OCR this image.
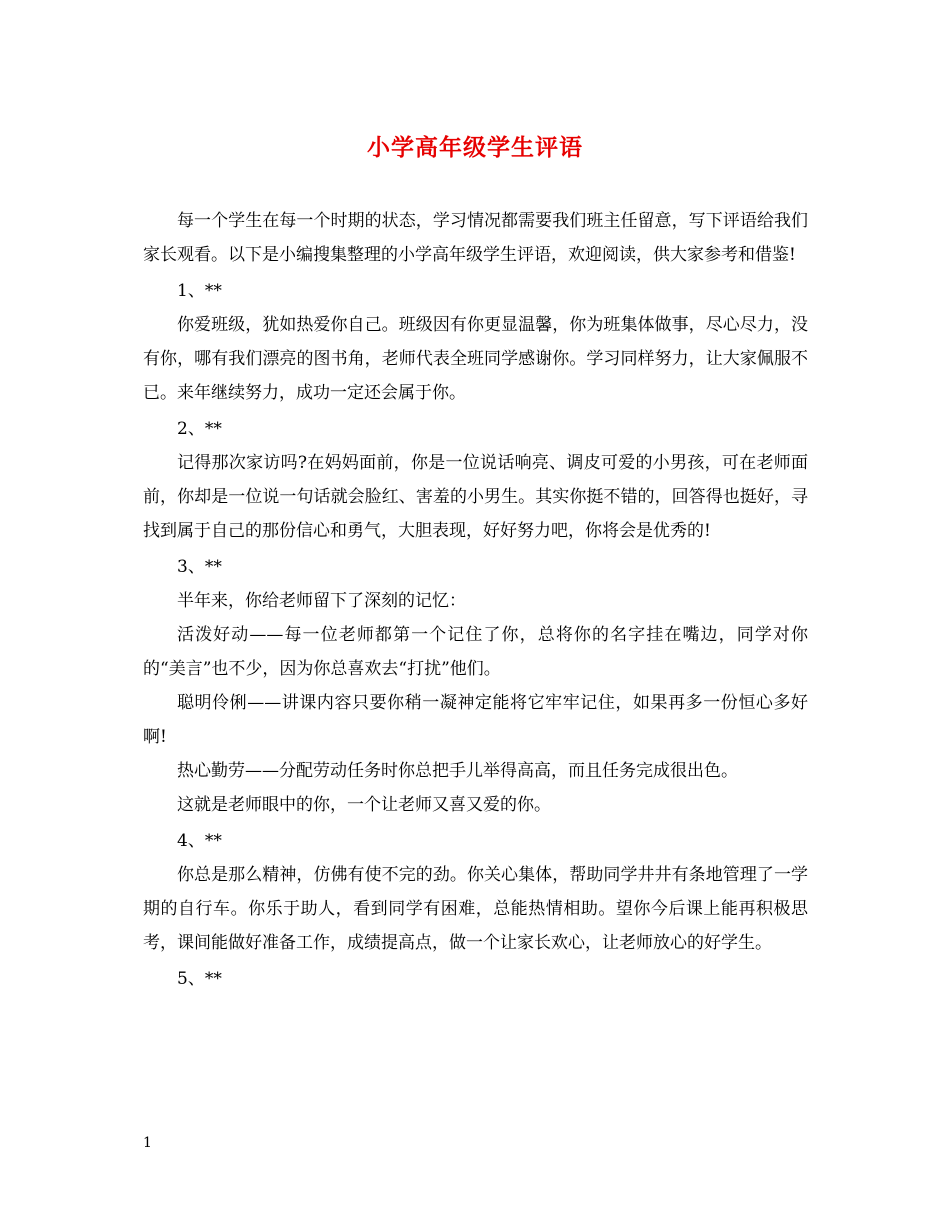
小学高年级学生评语

每一个学生在每一个时期的状态，学习情况都需要我们班主任留意，写下评语给我们家长观看。以下是小编搜集整理的小学高年级学生评语，欢迎阅读，供大家参考和借鉴!

1、**

你爱班级，犹如热爱你自己。班级因有你更显温馨，你为班集体做事，尽心尽力，没有你，哪有我们漂亮的图书角，老师代表全班同学感谢你。学习同样努力，让大家佩服不已。来年继续努力，成功一定还会属于你。

2、**

记得那次家访吗?在妈妈面前，你是一位说话响亮、调皮可爱的小男孩，可在老师面前，你却是一位说一句话就会脸红、害羞的小男生。其实你挺不错的，回答得也挺好，寻找到属于自己的那份信心和勇气，大胆表现，好好努力吧，你将会是优秀的!

3、**

半年来，你给老师留下了深刻的记忆：

活泼好动——每一位老师都第一个记住了你，总将你的名字挂在嘴边，同学对你的“美言”也不少，因为你总喜欢去“打扰”他们。

聪明伶俐——讲课内容只要你稍一凝神定能将它牢牢记住，如果再多一份恒心多好啊!

热心勤劳——分配劳动任务时你总把手儿举得高高，而且任务完成很出色。

这就是老师眼中的你，一个让老师又喜又爱的你。

4、**

你总是那么精神，仿佛有使不完的劲。你关心集体，帮助同学井井有条地管理了一学期的自行车。你乐于助人，看到同学有困难，总能热情相助。望你今后课上能再积极思考，课间能做好准备工作，成绩提高点，做一个让家长欢心，让老师放心的好学生。

5、**

1
